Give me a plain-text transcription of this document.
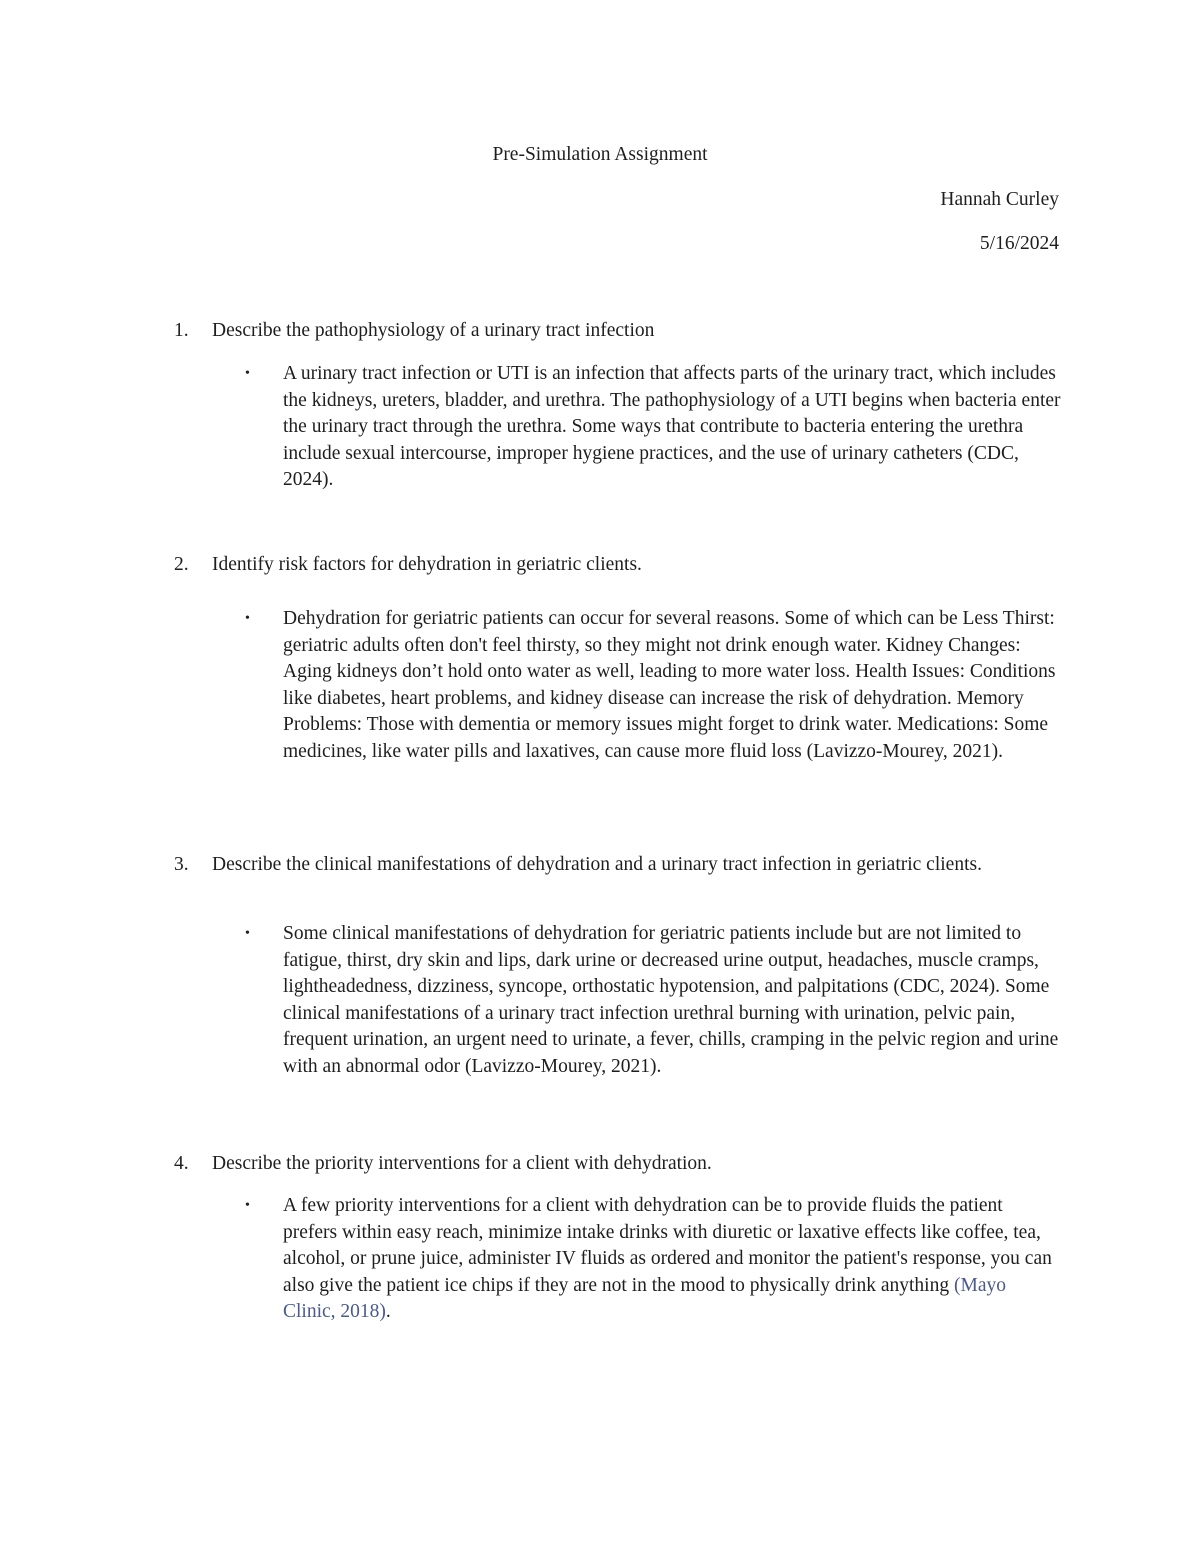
Pre-Simulation Assignment
Hannah Curley
5/16/2024
1. Describe the pathophysiology of a urinary tract infection
• A urinary tract infection or UTI is an infection that affects parts of the urinary tract, which includes the kidneys, ureters, bladder, and urethra. The pathophysiology of a UTI begins when bacteria enter the urinary tract through the urethra. Some ways that contribute to bacteria entering the urethra include sexual intercourse, improper hygiene practices, and the use of urinary catheters (CDC, 2024).
2. Identify risk factors for dehydration in geriatric clients.
• Dehydration for geriatric patients can occur for several reasons. Some of which can be Less Thirst: geriatric adults often don't feel thirsty, so they might not drink enough water. Kidney Changes: Aging kidneys don’t hold onto water as well, leading to more water loss. Health Issues: Conditions like diabetes, heart problems, and kidney disease can increase the risk of dehydration. Memory Problems: Those with dementia or memory issues might forget to drink water. Medications: Some medicines, like water pills and laxatives, can cause more fluid loss (Lavizzo-Mourey, 2021).
3. Describe the clinical manifestations of dehydration and a urinary tract infection in geriatric clients.
• Some clinical manifestations of dehydration for geriatric patients include but are not limited to fatigue, thirst, dry skin and lips, dark urine or decreased urine output, headaches, muscle cramps, lightheadedness, dizziness, syncope, orthostatic hypotension, and palpitations (CDC, 2024). Some clinical manifestations of a urinary tract infection urethral burning with urination, pelvic pain, frequent urination, an urgent need to urinate, a fever, chills, cramping in the pelvic region and urine with an abnormal odor (Lavizzo-Mourey, 2021).
4. Describe the priority interventions for a client with dehydration.
• A few priority interventions for a client with dehydration can be to provide fluids the patient prefers within easy reach, minimize intake drinks with diuretic or laxative effects like coffee, tea, alcohol, or prune juice, administer IV fluids as ordered and monitor the patient's response, you can also give the patient ice chips if they are not in the mood to physically drink anything (Mayo Clinic, 2018).
